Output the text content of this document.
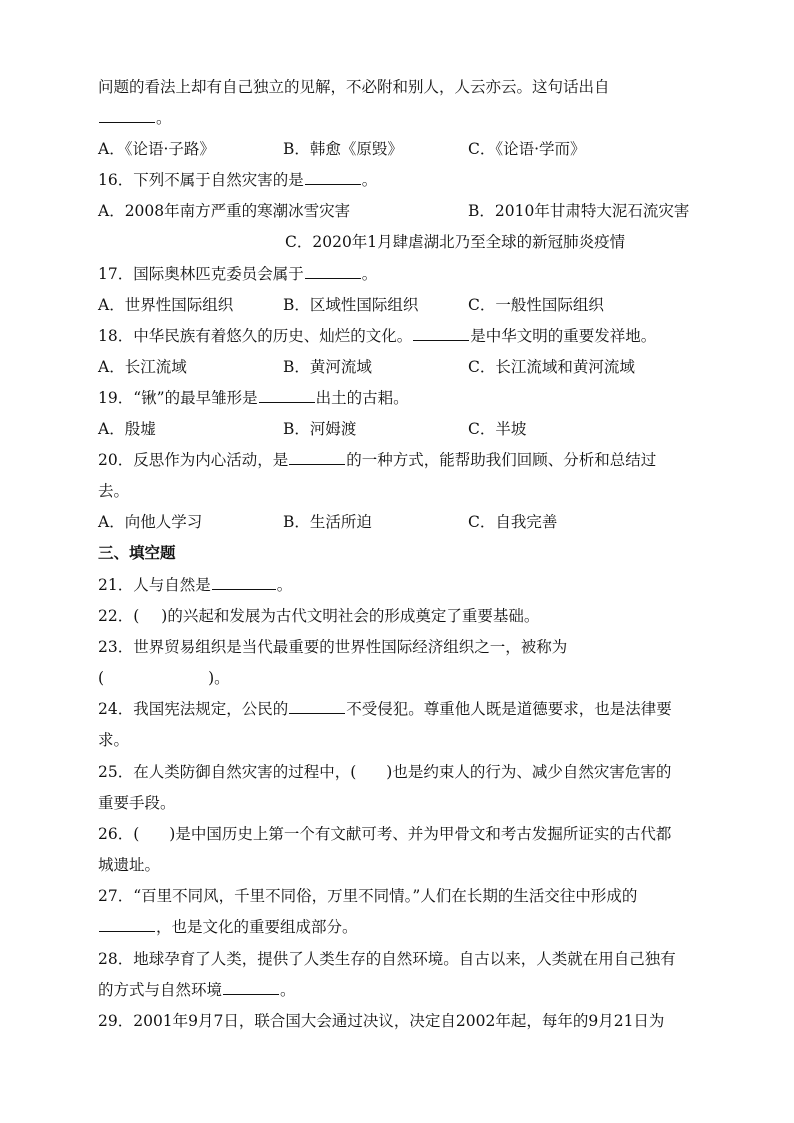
问题的看法上却有自己独立的见解，不必附和别人，人云亦云。这句话出自

。

A．《论语·子路》	B．韩愈《原毁》	C．《论语·学而》

16．下列不属于自然灾害的是	。

A．2008年南方严重的寒潮冰雪灾害	B．2010年甘肃特大泥石流灾害

C．2020年1月肆虐湖北乃至全球的新冠肺炎疫情

17．国际奥林匹克委员会属于	。

A．世界性国际组织	B．区域性国际组织	C．一般性国际组织

18．中华民族有着悠久的历史、灿烂的文化。	是中华文明的重要发祥地。

A．长江流域	B．黄河流域	C．长江流域和黄河流域

19．“锹”的最早雏形是	出土的古耜。

A．殷墟	B．河姆渡	C．半坡

20．反思作为内心活动，是	的一种方式，能帮助我们回顾、分析和总结过

去。

A．向他人学习	B．生活所迫	C．自我完善

三、填空题

21．人与自然是	。

22．( )的兴起和发展为古代文明社会的形成奠定了重要基础。

23．世界贸易组织是当代最重要的世界性国际经济组织之一，被称为

(	)。

24．我国宪法规定，公民的	不受侵犯。尊重他人既是道德要求，也是法律要

求。

25．在人类防御自然灾害的过程中，( )也是约束人的行为、减少自然灾害危害的

重要手段。

26．( )是中国历史上第一个有文献可考、并为甲骨文和考古发掘所证实的古代都

城遗址。

27．“百里不同风，千里不同俗，万里不同情。”人们在长期的生活交往中形成的

，也是文化的重要组成部分。

28．地球孕育了人类，提供了人类生存的自然环境。自古以来，人类就在用自己独有

的方式与自然环境	。

29．2001年9月7日，联合国大会通过决议，决定自2002年起，每年的9月21日为
